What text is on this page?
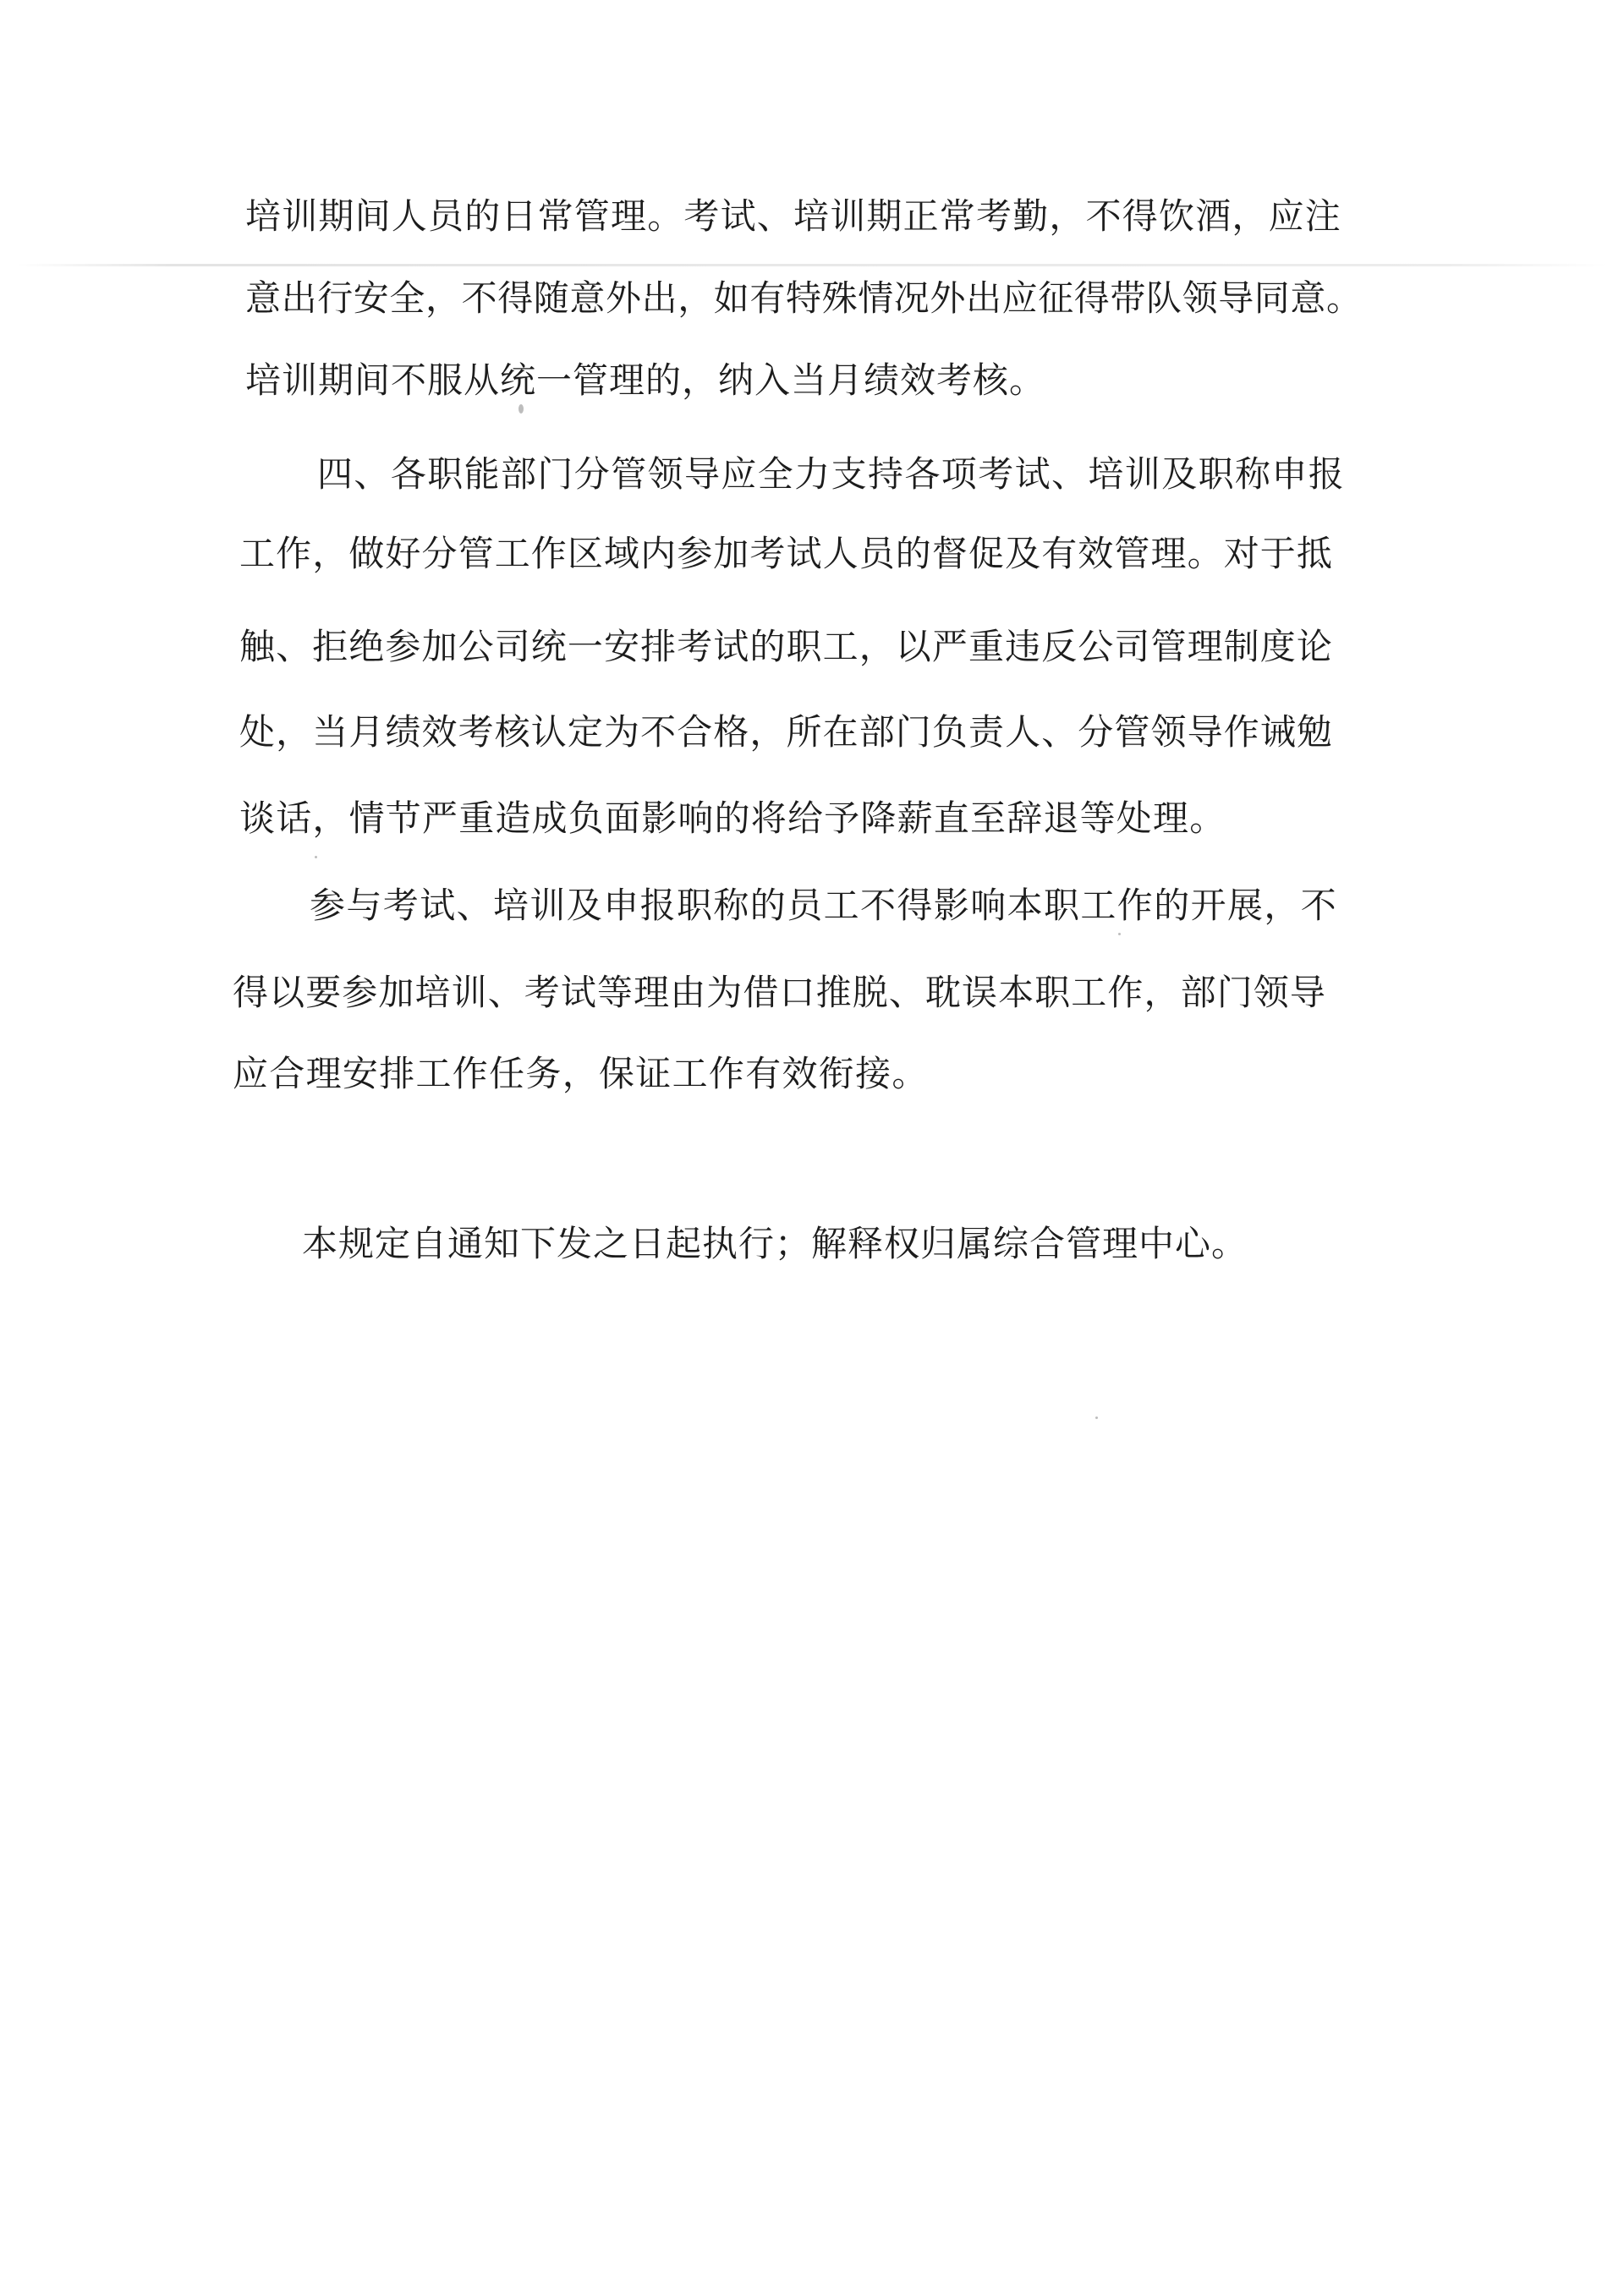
培训期间人员的日常管理。考试、培训期正常考勤，不得饮酒，应注
意出行安全，不得随意外出，如有特殊情况外出应征得带队领导同意。
培训期间不服从统一管理的，纳入当月绩效考核。
四、各职能部门分管领导应全力支持各项考试、培训及职称申报
工作，做好分管工作区域内参加考试人员的督促及有效管理。对于抵
触、拒绝参加公司统一安排考试的职工，以严重违反公司管理制度论
处，当月绩效考核认定为不合格，所在部门负责人、分管领导作诫勉
谈话，情节严重造成负面影响的将给予降薪直至辞退等处理。
参与考试、培训及申报职称的员工不得影响本职工作的开展，不
得以要参加培训、考试等理由为借口推脱、耽误本职工作，部门领导
应合理安排工作任务，保证工作有效衔接。
本规定自通知下发之日起执行；解释权归属综合管理中心。
